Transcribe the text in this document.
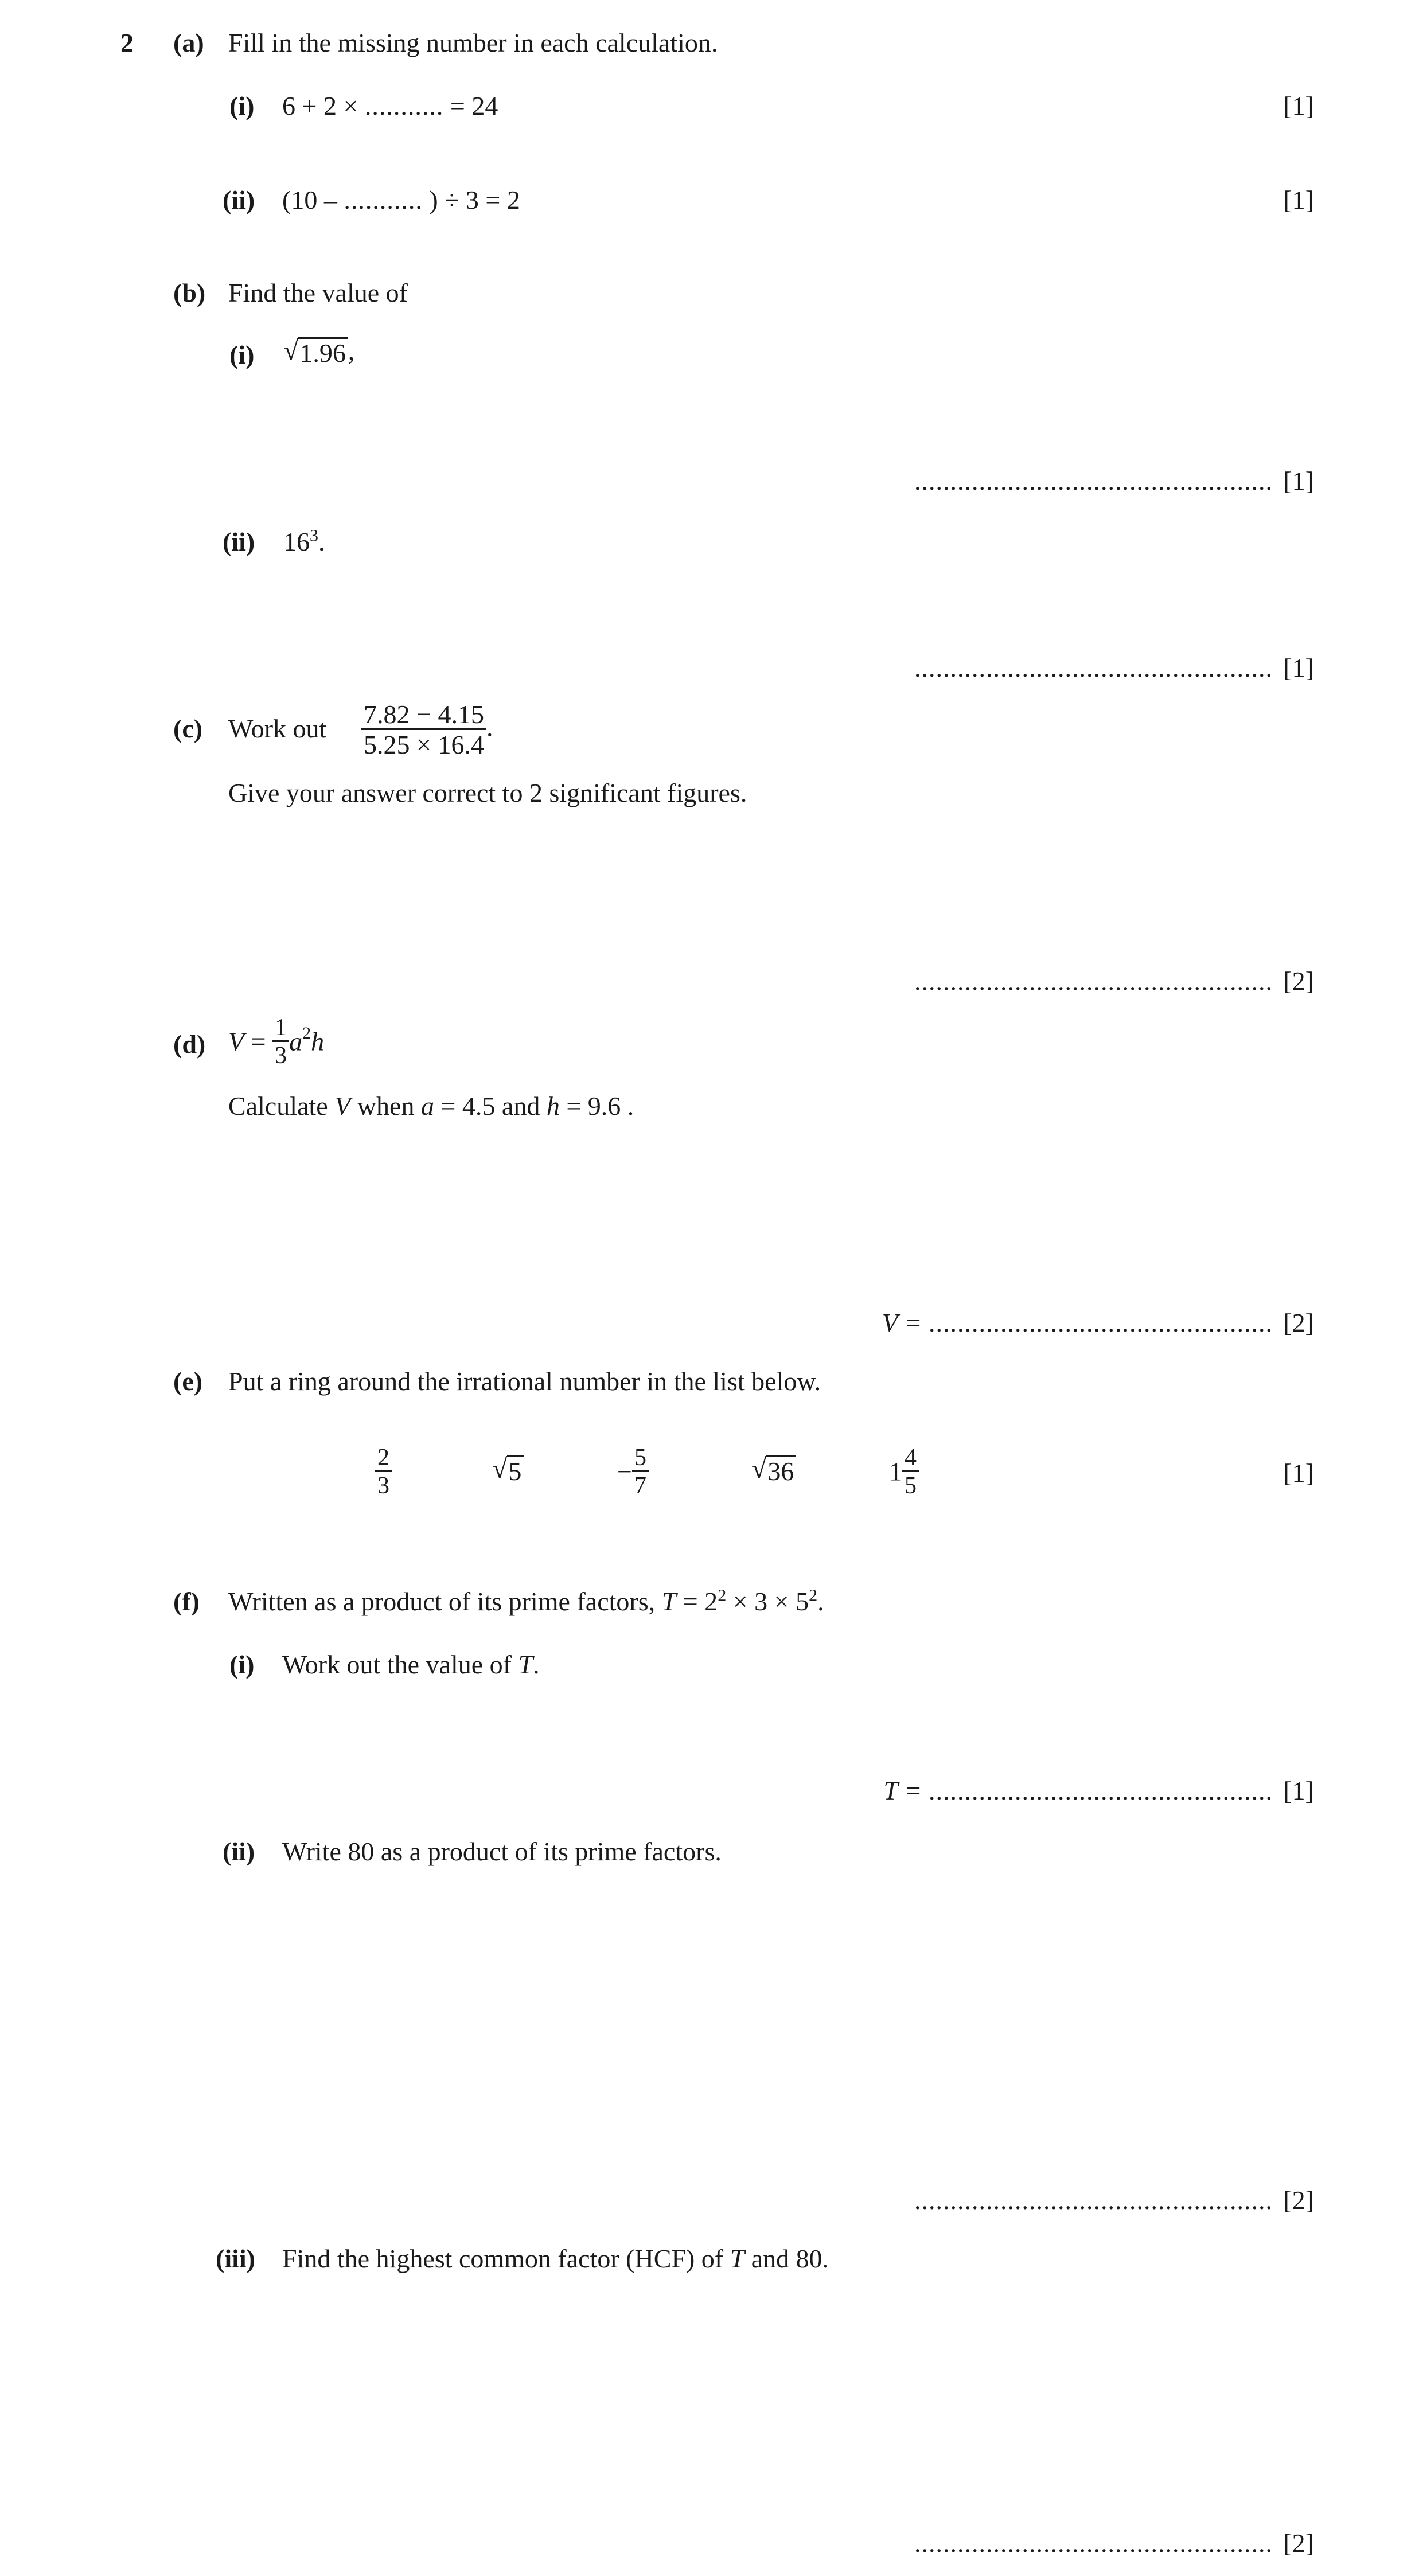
2 (a) Fill in the missing number in each calculation.
(i) 6 + 2 × ........... = 24	[1]
(ii) (10 – ........... ) ÷ 3 = 2	[1]
(b) Find the value of
(i) √ 1.96 ,
.................................................. [1]
(ii) $16^3$.
.................................................. [1]
(c) Work out $\frac{7.82 - 4.15}{5.25 \times 16.4}$ .
Give your answer correct to 2 significant figures.
.................................................. [2]
(d) $V = \frac{1}{3} a^2h$
Calculate V when a = 4.5 and h = 9.6 .
V = ................................................ [2]
(e) Put a ring around the irrational number in the list below.
$\frac{2}{3}$	√ 5	− $\frac{5}{7}$	√ 36	$1 \frac{4}{5}$	[1]
(f) Written as a product of its prime factors, $T = 2^2 \times 3 \times 5^2$.
(i) Work out the value of T.
T = ................................................ [1]
(ii) Write 80 as a product of its prime factors.
.................................................. [2]
(iii) Find the highest common factor (HCF) of T and 80.
.................................................. [2]
